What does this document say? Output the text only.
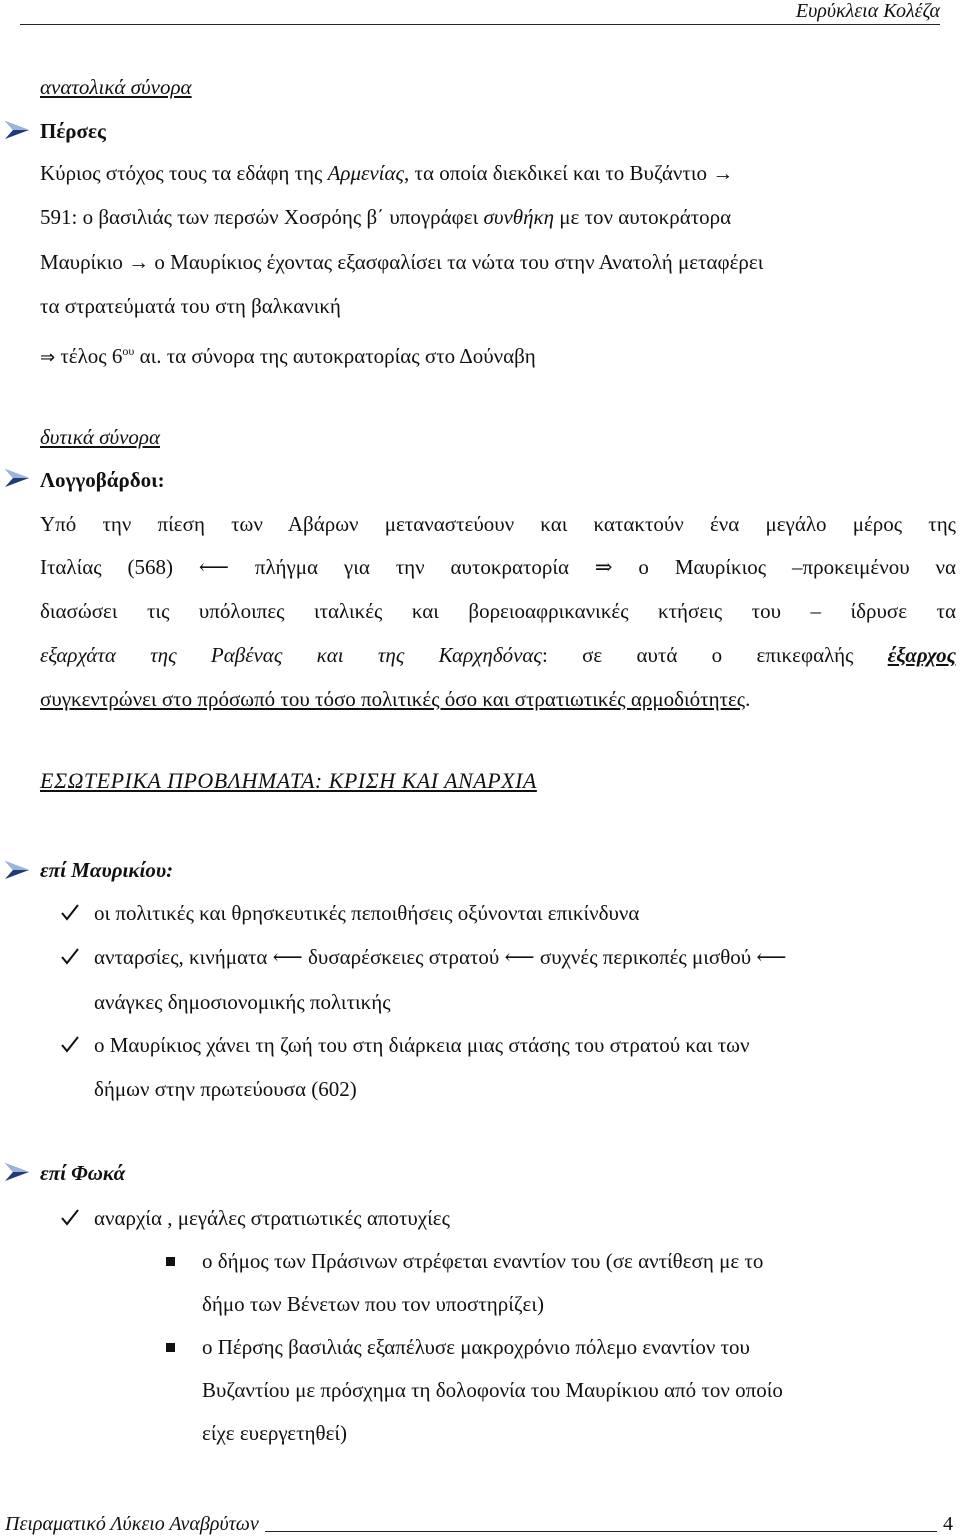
Ευρύκλεια Κολέζα
ανατολικά σύνορα
Πέρσες
Κύριος στόχος τους τα εδάφη της Αρμενίας, τα οποία διεκδικεί και το Βυζάντιο →
591: ο βασιλιάς των περσών Χοσρόης β΄ υπογράφει συνθήκη με τον αυτοκράτορα
Μαυρίκιο → ο Μαυρίκιος έχοντας εξασφαλίσει τα νώτα του στην Ανατολή μεταφέρει
τα στρατεύματά του στη βαλκανική
⇒ τέλος $6^{o\upsilon}$ αι. τα σύνορα της αυτοκρατορίας στο Δούναβη
δυτικά σύνορα
Λογγοβάρδοι:
Υπό την πίεση των Αβάρων μεταναστεύουν και κατακτούν ένα μεγάλο μέρος της
Ιταλίας (568) ⟵ πλήγμα για την αυτοκρατορία ⇒ ο Μαυρίκιος –προκειμένου να
διασώσει τις υπόλοιπες ιταλικές και βορειοαφρικανικές κτήσεις του – ίδρυσε τα
εξαρχάτα της Ραβένας και της Καρχηδόνας: σε αυτά ο επικεφαλής έξαρχος
συγκεντρώνει στο πρόσωπό του τόσο πολιτικές όσο και στρατιωτικές αρμοδιότητες.
ΕΣΩΤΕΡΙΚΑ ΠΡΟΒΛΗΜΑΤΑ: ΚΡΙΣΗ ΚΑΙ ΑΝΑΡΧΙΑ
επί Μαυρικίου:
οι πολιτικές και θρησκευτικές πεποιθήσεις οξύνονται επικίνδυνα
ανταρσίες, κινήματα ⟵ δυσαρέσκειες στρατού ⟵ συχνές περικοπές μισθού ⟵
ανάγκες δημοσιονομικής πολιτικής
ο Μαυρίκιος χάνει τη ζωή του στη διάρκεια μιας στάσης του στρατού και των
δήμων στην πρωτεύουσα (602)
επί Φωκά
αναρχία , μεγάλες στρατιωτικές αποτυχίες
ο δήμος των Πράσινων στρέφεται εναντίον του (σε αντίθεση με το
δήμο των Βένετων που τον υποστηρίζει)
ο Πέρσης βασιλιάς εξαπέλυσε μακροχρόνιο πόλεμο εναντίον του
Βυζαντίου με πρόσχημα τη δολοφονία του Μαυρίκιου από τον οποίο
είχε ευεργετηθεί)
Πειραματικό Λύκειο Αναβρύτων	4
